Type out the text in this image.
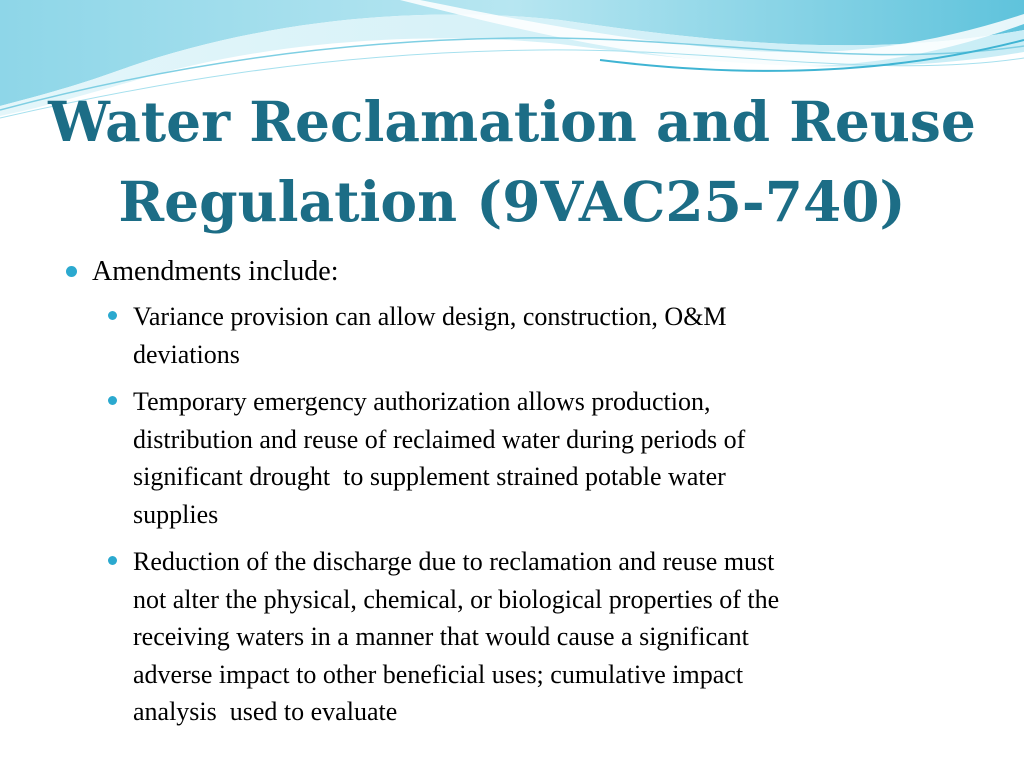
Water Reclamation and Reuse
Regulation (9VAC25-740)
Amendments include:
Variance provision can allow design, construction, O&M
deviations
Temporary emergency authorization allows production,
distribution and reuse of reclaimed water during periods of
significant drought  to supplement strained potable water
supplies
Reduction of the discharge due to reclamation and reuse must
not alter the physical, chemical, or biological properties of the
receiving waters in a manner that would cause a significant
adverse impact to other beneficial uses; cumulative impact
analysis  used to evaluate
